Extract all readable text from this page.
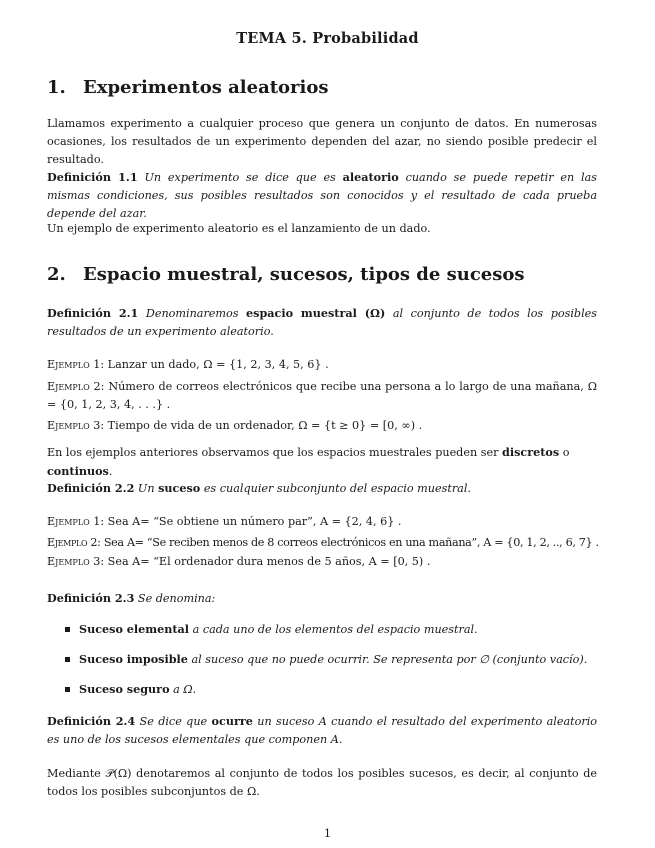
TEMA 5. Probabilidad
1. Experimentos aleatorios

Llamamos experimento a cualquier proceso que genera un conjunto de datos. En numerosas ocasiones, los resultados de un experimento dependen del azar, no siendo posible predecir el resultado.

Definición 1.1 Un experimento se dice que es aleatorio cuando se puede repetir en las mismas condiciones, sus posibles resultados son conocidos y el resultado de cada prueba depende del azar.

Un ejemplo de experimento aleatorio es el lanzamiento de un dado.

2. Espacio muestral, sucesos, tipos de sucesos

Definición 2.1 Denominaremos espacio muestral (Ω) al conjunto de todos los posibles resultados de un experimento aleatorio.

Ejemplo 1: Lanzar un dado, Ω = {1, 2, 3, 4, 5, 6} .

Ejemplo 2: Número de correos electrónicos que recibe una persona a lo largo de una mañana, Ω = {0, 1, 2, 3, 4, . . .} .

Ejemplo 3: Tiempo de vida de un ordenador, Ω = {t ≥ 0} = [0, ∞) .

En los ejemplos anteriores observamos que los espacios muestrales pueden ser discretos o continuos.

Definición 2.2 Un suceso es cualquier subconjunto del espacio muestral.

Ejemplo 1: Sea A= “Se obtiene un número par”, A = {2, 4, 6} .

Ejemplo 2: Sea A= “Se reciben menos de 8 correos electrónicos en una mañana”, A = {0, 1, 2, .., 6, 7} .

Ejemplo 3: Sea A= “El ordenador dura menos de 5 años, A = [0, 5) .

Definición 2.3 Se denomina:

Suceso elemental a cada uno de los elementos del espacio muestral.
Suceso imposible al suceso que no puede ocurrir. Se representa por ∅ (conjunto vacío).
Suceso seguro a Ω.

Definición 2.4 Se dice que ocurre un suceso A cuando el resultado del experimento aleatorio es uno de los sucesos elementales que componen A.

Mediante 𝒫(Ω) denotaremos al conjunto de todos los posibles sucesos, es decir, al conjunto de todos los posibles subconjuntos de Ω.

1
